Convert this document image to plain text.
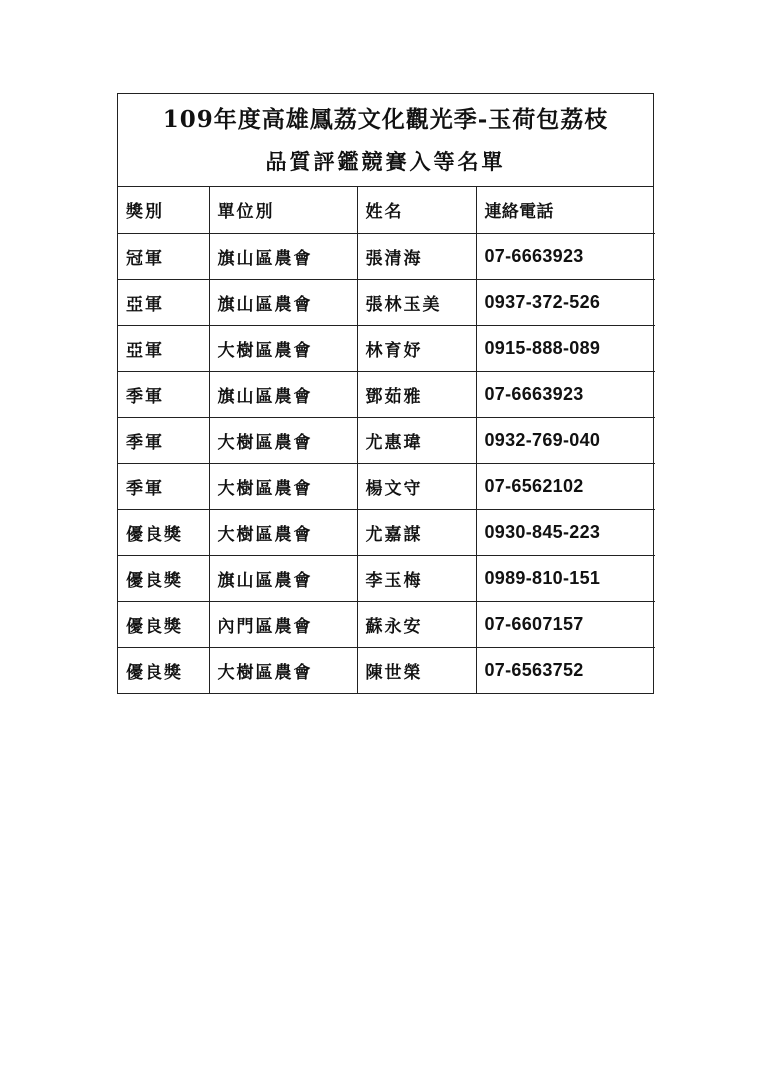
109年度高雄鳳荔文化觀光季-玉荷包荔枝
品質評鑑競賽入等名單
獎別	單位別	姓名	連絡電話
冠軍	旗山區農會	張清海	07-6663923
亞軍	旗山區農會	張林玉美	0937-372-526
亞軍	大樹區農會	林育妤	0915-888-089
季軍	旗山區農會	鄧茹雅	07-6663923
季軍	大樹區農會	尤惠瑋	0932-769-040
季軍	大樹區農會	楊文守	07-6562102
優良獎	大樹區農會	尤嘉謀	0930-845-223
優良獎	旗山區農會	李玉梅	0989-810-151
優良獎	內門區農會	蘇永安	07-6607157
優良獎	大樹區農會	陳世榮	07-6563752
